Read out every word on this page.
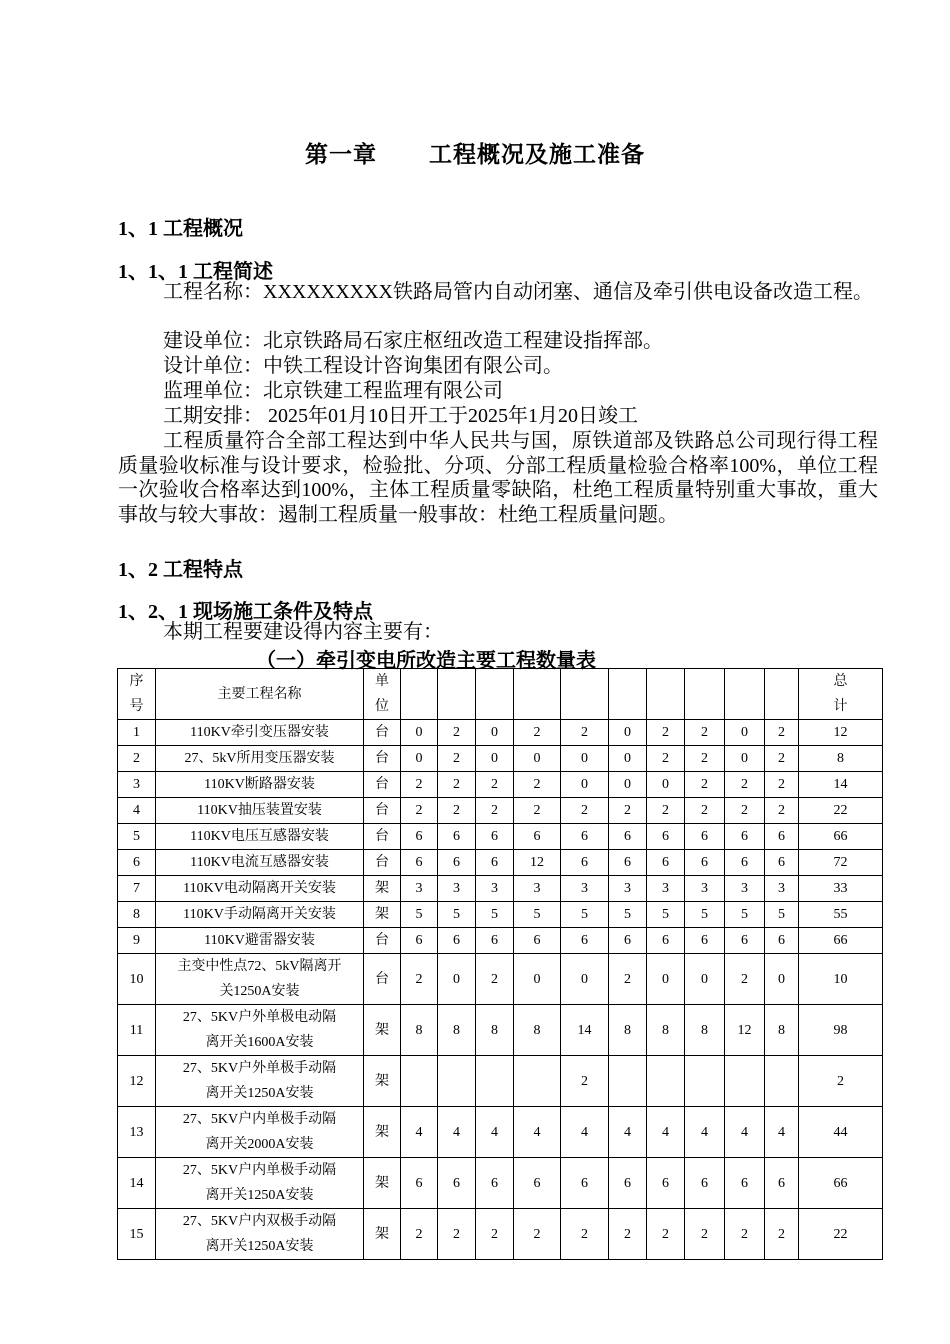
第一章 工程概况及施工准备
1、1 工程概况
1、1、1 工程简述

工程名称：XXXXXXXXX铁路局管内自动闭塞、通信及牵引供电设备改造工程。

建设单位：北京铁路局石家庄枢纽改造工程建设指挥部。

设计单位：中铁工程设计咨询集团有限公司。

监理单位：北京铁建工程监理有限公司

工期安排： 2025年01月10日开工于2025年1月20日竣工

工程质量符合全部工程达到中华人民共与国，原铁道部及铁路总公司现行得工程质量验收标准与设计要求，检验批、分项、分部工程质量检验合格率100%，单位工程一次验收合格率达到100%，主体工程质量零缺陷，杜绝工程质量特别重大事故，重大事故与较大事故：遏制工程质量一般事故：杜绝工程质量问题。

1、2 工程特点
1、2、1 现场施工条件及特点

本期工程要建设得内容主要有：

（一）牵引变电所改造主要工程数量表
序
号	主要工程名称	单
位											总
计
1	110KV牵引变压器安装	台	0	2	0	2	2	0	2	2	0	2	12
2	27、5kV所用变压器安装	台	0	2	0	0	0	0	2	2	0	2	8
3	110KV断路器安装	台	2	2	2	2	0	0	0	2	2	2	14
4	110KV抽压装置安装	台	2	2	2	2	2	2	2	2	2	2	22
5	110KV电压互感器安装	台	6	6	6	6	6	6	6	6	6	6	66
6	110KV电流互感器安装	台	6	6	6	12	6	6	6	6	6	6	72
7	110KV电动隔离开关安装	架	3	3	3	3	3	3	3	3	3	3	33
8	110KV手动隔离开关安装	架	5	5	5	5	5	5	5	5	5	5	55
9	110KV避雷器安装	台	6	6	6	6	6	6	6	6	6	6	66
10	主变中性点72、5kV隔离开
关1250A安装	台	2	0	2	0	0	2	0	0	2	0	10
11	27、5KV户外单极电动隔
离开关1600A安装	架	8	8	8	8	14	8	8	8	12	8	98
12	27、5KV户外单极手动隔
离开关1250A安装	架					2						2
13	27、5KV户内单极手动隔
离开关2000A安装	架	4	4	4	4	4	4	4	4	4	4	44
14	27、5KV户内单极手动隔
离开关1250A安装	架	6	6	6	6	6	6	6	6	6	6	66
15	27、5KV户内双极手动隔
离开关1250A安装	架	2	2	2	2	2	2	2	2	2	2	22
